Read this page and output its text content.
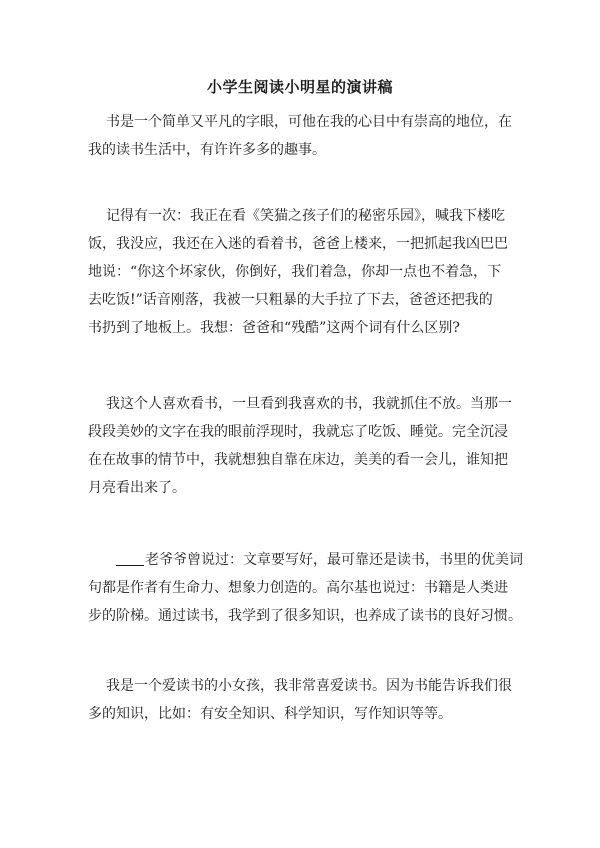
小学生阅读小明星的演讲稿
书是一个简单又平凡的字眼，可他在我的心目中有崇高的地位，在
我的读书生活中，有许许多多的趣事。
记得有一次：我正在看《笑猫之孩子们的秘密乐园》，喊我下楼吃
饭，我没应，我还在入迷的看着书，爸爸上楼来，一把抓起我凶巴巴
地说：“你这个坏家伙，你倒好，我们着急，你却一点也不着急，下
去吃饭!”话音刚落，我被一只粗暴的大手拉了下去，爸爸还把我的
书扔到了地板上。我想：爸爸和“残酷”这两个词有什么区别?
我这个人喜欢看书，一旦看到我喜欢的书，我就抓住不放。当那一
段段美妙的文字在我的眼前浮现时，我就忘了吃饭、睡觉。完全沉浸
在在故事的情节中，我就想独自靠在床边，美美的看一会儿，谁知把
月亮看出来了。
老爷爷曾说过：文章要写好，最可靠还是读书，书里的优美词
句都是作者有生命力、想象力创造的。高尔基也说过：书籍是人类进
步的阶梯。通过读书，我学到了很多知识，也养成了读书的良好习惯。
我是一个爱读书的小女孩，我非常喜爱读书。因为书能告诉我们很
多的知识，比如：有安全知识、科学知识，写作知识等等。
